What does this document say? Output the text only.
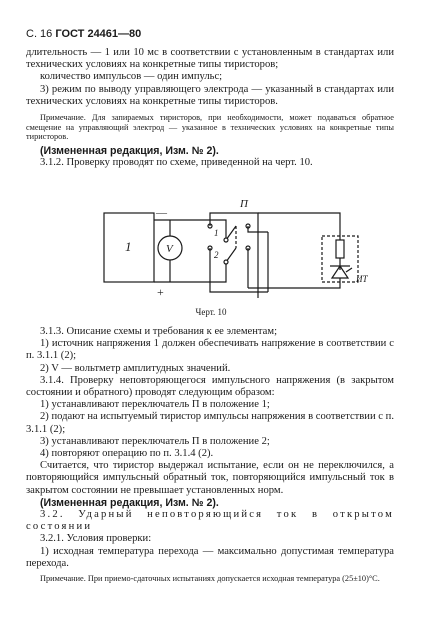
С. 16 ГОСТ 24461—80

длительность — 1 или 10 мс в соответствии с установленным в стандартах или технических условиях на конкретные типы тиристоров;

количество импульсов — один импульс;

3) режим по выводу управляющего электрода — указанный в стандартах или технических условиях на конкретные типы тиристоров.

Примечание. Для запираемых тиристоров, при необходимости, может подаваться обратное смещение на управляющий электрод — указанное в технических условиях на конкретные типы тиристоров.

(Измененная редакция, Изм. № 2).

3.1.2. Проверку проводят по схеме, приведенной на черт. 10.

1	V
П
1
2
—
+
ИТ
Черт. 10

3.1.3. Описание схемы и требования к ее элементам;

1) источник напряжения 1 должен обеспечивать напряжение в соответствии с п. 3.1.1 (2);

2) V — вольтметр амплитудных значений.

3.1.4. Проверку неповторяющегося импульсного напряжения (в закрытом состоянии и обратного) проводят следующим образом:

1) устанавливают переключатель П в положение 1;

2) подают на испытуемый тиристор импульсы напряжения в соответствии с п. 3.1.1 (2);

3) устанавливают переключатель П в положение 2;

4) повторяют операцию по п. 3.1.4 (2).

Считается, что тиристор выдержал испытание, если он не переключился, а повторяющийся импульсный обратный ток, повторяющийся импульсный ток в закрытом состоянии не превышает установленных норм.

(Измененная редакция, Изм. № 2).

3.2. Ударный неповторяющийся ток в открытом состоянии

3.2.1. Условия проверки:

1) исходная температура перехода — максимально допустимая температура перехода.

Примечание. При приемо-сдаточных испытаниях допускается исходная температура (25±10)°С.
